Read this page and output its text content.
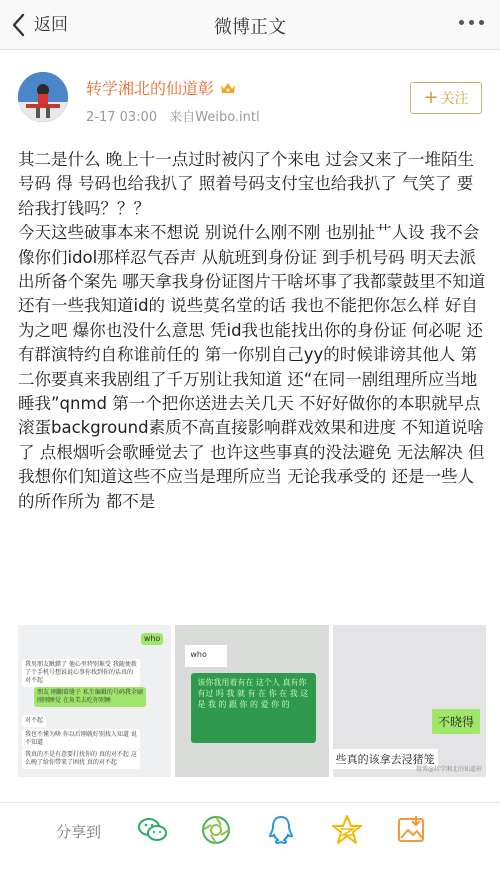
返回	微博正文
转学湘北的仙道彰
2-17 03:00 来自Weibo.intl
+ 关注

其二是什么 晚上十一点过时被闪了个来电 过会又来了一堆陌生号码 得 号码也给我扒了 照着号码支付宝也给我扒了 气笑了 要给我打钱吗？？？

今天这些破事本来不想说 别说什么刚不刚 也别扯艹人设 我不会像你们idol那样忍气吞声 从航班到身份证 到手机号码 明天去派出所备个案先 哪天拿我身份证图片干啥坏事了我都蒙鼓里不知道

还有一些我知道id的 说些莫名堂的话 我也不能把你怎么样 好自为之吧 爆你也没什么意思 凭id我也能找出你的身份证 何必呢 还有群演特约自称谁前任的 第一你别自己yy的时候诽谤其他人 第二你要真来我剧组了千万别让我知道 还“在同一剧组理所应当地睡我”qnmd 第一个把你送进去关几天 不好好做你的本职就早点滚蛋background素质不高直接影响群戏效果和进度 不知道说啥了 点根烟听会歌睡觉去了 也许这些事真的没法避免 无法解决 但我想你们知道这些不应当是理所应当 无论我承受的 还是一些人的所作所为 都不是

who
我男朋友瞅錯了 他心里特别难受 我随便拨了个手机号想说说心事你找到你的话真的对不起
朋友 刚翻着缝子 私生编辑的号码我全刷 刚刚睡觉 在角美去吃你别睡
对不起
我也不懂为啥 你以后刚就好别找人知道 说不知道
我真的不是有意要打扰你的 真的对不起 这么晚了给你带来了困扰 真的对不起
who
该你我用着有在 这个人 真有你有过 吗 我 就 有 在 你 在 我 这 是 我 的 跟 你 的 爱 你 的
不晓得
些真的该拿去浸猪笼
微博@转学湘北的仙道彰
分享到
